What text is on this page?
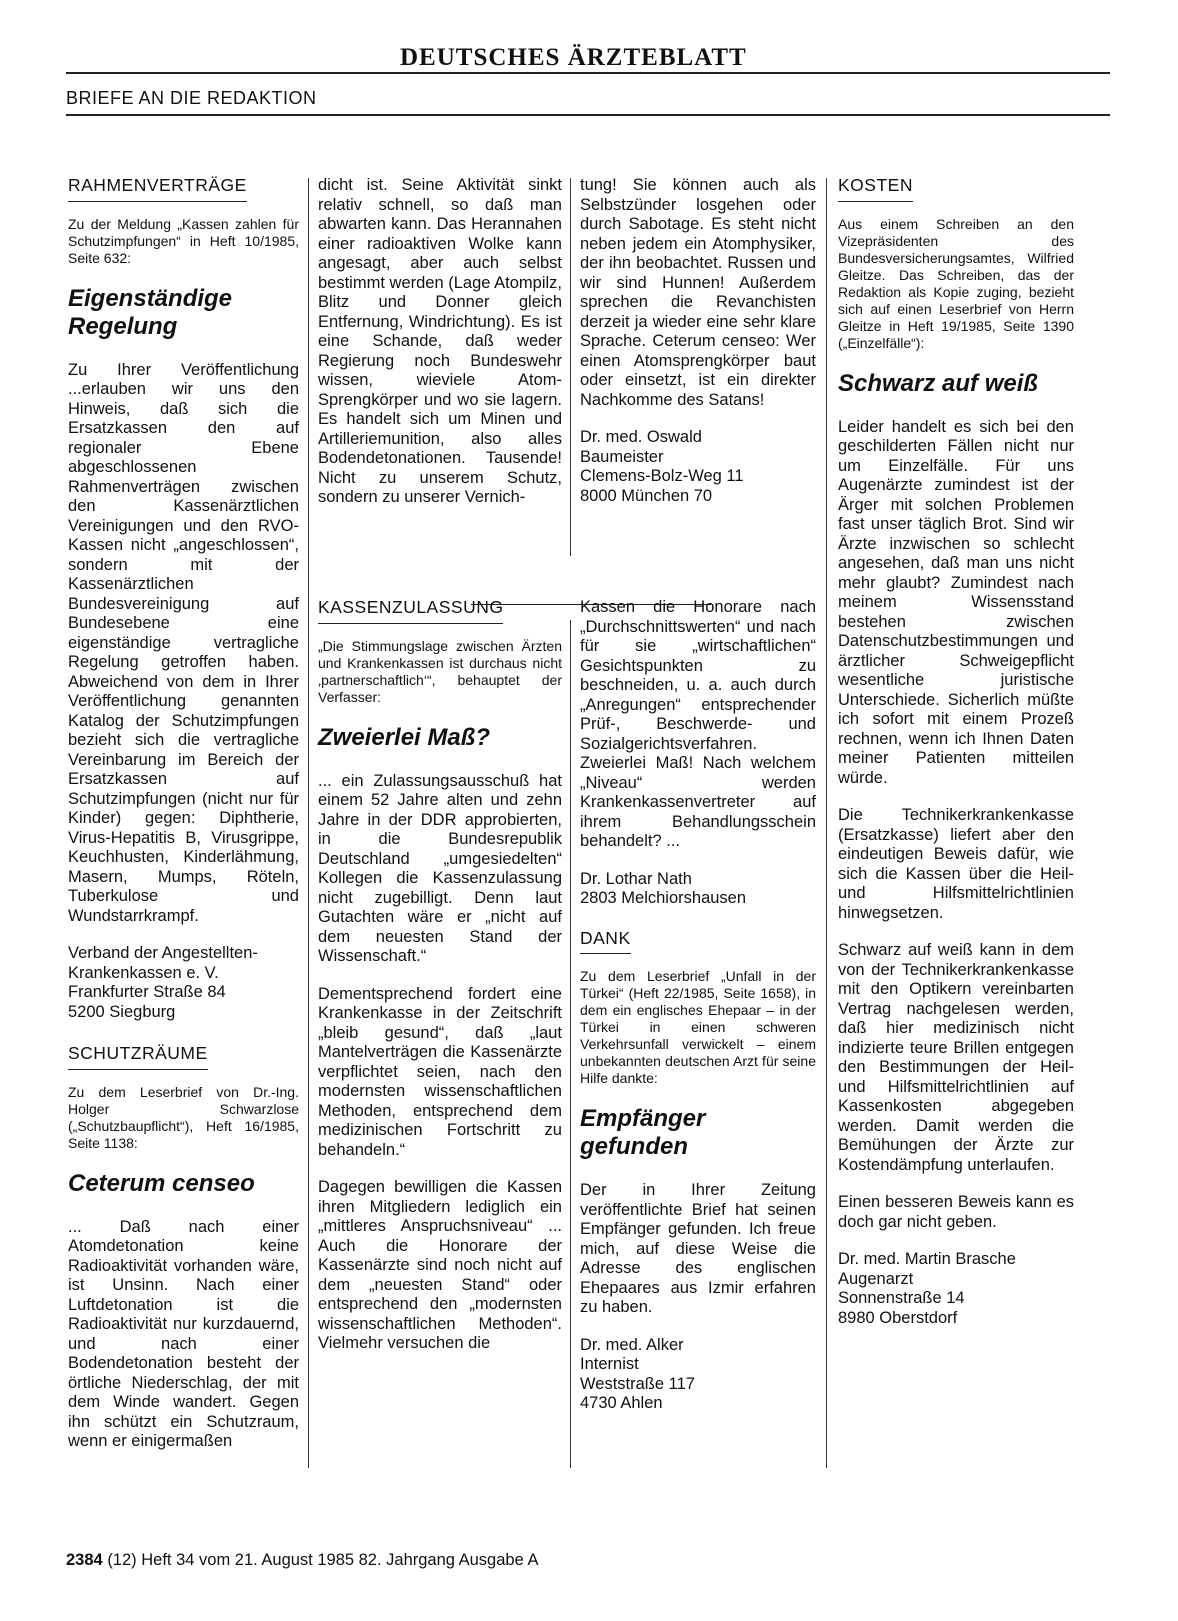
DEUTSCHES ÄRZTEBLATT
BRIEFE AN DIE REDAKTION
RAHMENVERTRÄGE

Zu der Meldung „Kassen zahlen für Schutzimpfungen“ in Heft 10/1985, Seite 632:

Eigenständige Regelung

Zu Ihrer Veröffentlichung ...erlauben wir uns den Hinweis, daß sich die Ersatzkassen den auf regionaler Ebene abgeschlossenen Rahmenverträgen zwischen den Kassenärztlichen Vereinigungen und den RVO-Kassen nicht „angeschlossen“, sondern mit der Kassenärztlichen Bundesvereinigung auf Bundesebene eine eigenständige vertragliche Regelung getroffen haben. Abweichend von dem in Ihrer Veröffentlichung genannten Katalog der Schutzimpfungen bezieht sich die vertragliche Vereinbarung im Bereich der Ersatzkassen auf Schutzimpfungen (nicht nur für Kinder) gegen: Diphtherie, Virus-Hepatitis B, Virusgrippe, Keuchhusten, Kinderlähmung, Masern, Mumps, Röteln, Tuberkulose und Wundstarrkrampf.

Verband der Angestellten-
Krankenkassen e. V.
Frankfurter Straße 84
5200 Siegburg
SCHUTZRÄUME

Zu dem Leserbrief von Dr.-Ing. Holger Schwarzlose („Schutzbaupflicht“), Heft 16/1985, Seite 1138:

Ceterum censeo

... Daß nach einer Atomdetonation keine Radioaktivität vorhanden wäre, ist Unsinn. Nach einer Luftdetonation ist die Radioaktivität nur kurzdauernd, und nach einer Bodendetonation besteht der örtliche Niederschlag, der mit dem Winde wandert. Gegen ihn schützt ein Schutzraum, wenn er einigermaßen

dicht ist. Seine Aktivität sinkt relativ schnell, so daß man abwarten kann. Das Herannahen einer radioaktiven Wolke kann angesagt, aber auch selbst bestimmt werden (Lage Atompilz, Blitz und Donner gleich Entfernung, Windrichtung). Es ist eine Schande, daß weder Regierung noch Bundeswehr wissen, wieviele Atom-Sprengkörper und wo sie lagern. Es handelt sich um Minen und Artilleriemunition, also alles Bodendetonationen. Tausende! Nicht zu unserem Schutz, sondern zu unserer Vernich-

KASSENZULASSUNG

„Die Stimmungslage zwischen Ärzten und Krankenkassen ist durchaus nicht ‚partnerschaftlich‘“, behauptet der Verfasser:

Zweierlei Maß?

... ein Zulassungsausschuß hat einem 52 Jahre alten und zehn Jahre in der DDR approbierten, in die Bundesrepublik Deutschland „umgesiedelten“ Kollegen die Kassenzulassung nicht zugebilligt. Denn laut Gutachten wäre er „nicht auf dem neuesten Stand der Wissenschaft.“

Dementsprechend fordert eine Krankenkasse in der Zeitschrift „bleib gesund“, daß „laut Mantelverträgen die Kassenärzte verpflichtet seien, nach den modernsten wissenschaftlichen Methoden, entsprechend dem medizinischen Fortschritt zu behandeln.“

Dagegen bewilligen die Kassen ihren Mitgliedern lediglich ein „mittleres Anspruchsniveau“ ... Auch die Honorare der Kassenärzte sind noch nicht auf dem „neuesten Stand“ oder entsprechend den „modernsten wissenschaftlichen Methoden“. Vielmehr versuchen die

tung! Sie können auch als Selbstzünder losgehen oder durch Sabotage. Es steht nicht neben jedem ein Atomphysiker, der ihn beobachtet. Russen und wir sind Hunnen! Außerdem sprechen die Revanchisten derzeit ja wieder eine sehr klare Sprache. Ceterum censeo: Wer einen Atomsprengkörper baut oder einsetzt, ist ein direkter Nachkomme des Satans!

Dr. med. Oswald
Baumeister
Clemens-Bolz-Weg 11
8000 München 70

Kassen die Honorare nach „Durchschnittswerten“ und nach für sie „wirtschaftlichen“ Gesichtspunkten zu beschneiden, u. a. auch durch „Anregungen“ entsprechender Prüf-, Beschwerde- und Sozialgerichtsverfahren. Zweierlei Maß! Nach welchem „Niveau“ werden Krankenkassenvertreter auf ihrem Behandlungsschein behandelt? ...

Dr. Lothar Nath
2803 Melchiorshausen
DANK

Zu dem Leserbrief „Unfall in der Türkei“ (Heft 22/1985, Seite 1658), in dem ein englisches Ehepaar – in der Türkei in einen schweren Verkehrsunfall verwickelt – einem unbekannten deutschen Arzt für seine Hilfe dankte:

Empfänger gefunden

Der in Ihrer Zeitung veröffentlichte Brief hat seinen Empfänger gefunden. Ich freue mich, auf diese Weise die Adresse des englischen Ehepaares aus Izmir erfahren zu haben.

Dr. med. Alker
Internist
Weststraße 117
4730 Ahlen
KOSTEN

Aus einem Schreiben an den Vizepräsidenten des Bundesversicherungsamtes, Wilfried Gleitze. Das Schreiben, das der Redaktion als Kopie zuging, bezieht sich auf einen Leserbrief von Herrn Gleitze in Heft 19/1985, Seite 1390 („Einzelfälle“):

Schwarz auf weiß

Leider handelt es sich bei den geschilderten Fällen nicht nur um Einzelfälle. Für uns Augenärzte zumindest ist der Ärger mit solchen Problemen fast unser täglich Brot. Sind wir Ärzte inzwischen so schlecht angesehen, daß man uns nicht mehr glaubt? Zumindest nach meinem Wissensstand bestehen zwischen Datenschutzbestimmungen und ärztlicher Schweigepflicht wesentliche juristische Unterschiede. Sicherlich müßte ich sofort mit einem Prozeß rechnen, wenn ich Ihnen Daten meiner Patienten mitteilen würde.

Die Technikerkrankenkasse (Ersatzkasse) liefert aber den eindeutigen Beweis dafür, wie sich die Kassen über die Heil- und Hilfsmittelrichtlinien hinwegsetzen.

Schwarz auf weiß kann in dem von der Technikerkrankenkasse mit den Optikern vereinbarten Vertrag nachgelesen werden, daß hier medizinisch nicht indizierte teure Brillen entgegen den Bestimmungen der Heil- und Hilfsmittelrichtlinien auf Kassenkosten abgegeben werden. Damit werden die Bemühungen der Ärzte zur Kostendämpfung unterlaufen.

Einen besseren Beweis kann es doch gar nicht geben.

Dr. med. Martin Brasche
Augenarzt
Sonnenstraße 14
8980 Oberstdorf
2384 (12) Heft 34 vom 21. August 1985 82. Jahrgang Ausgabe A
